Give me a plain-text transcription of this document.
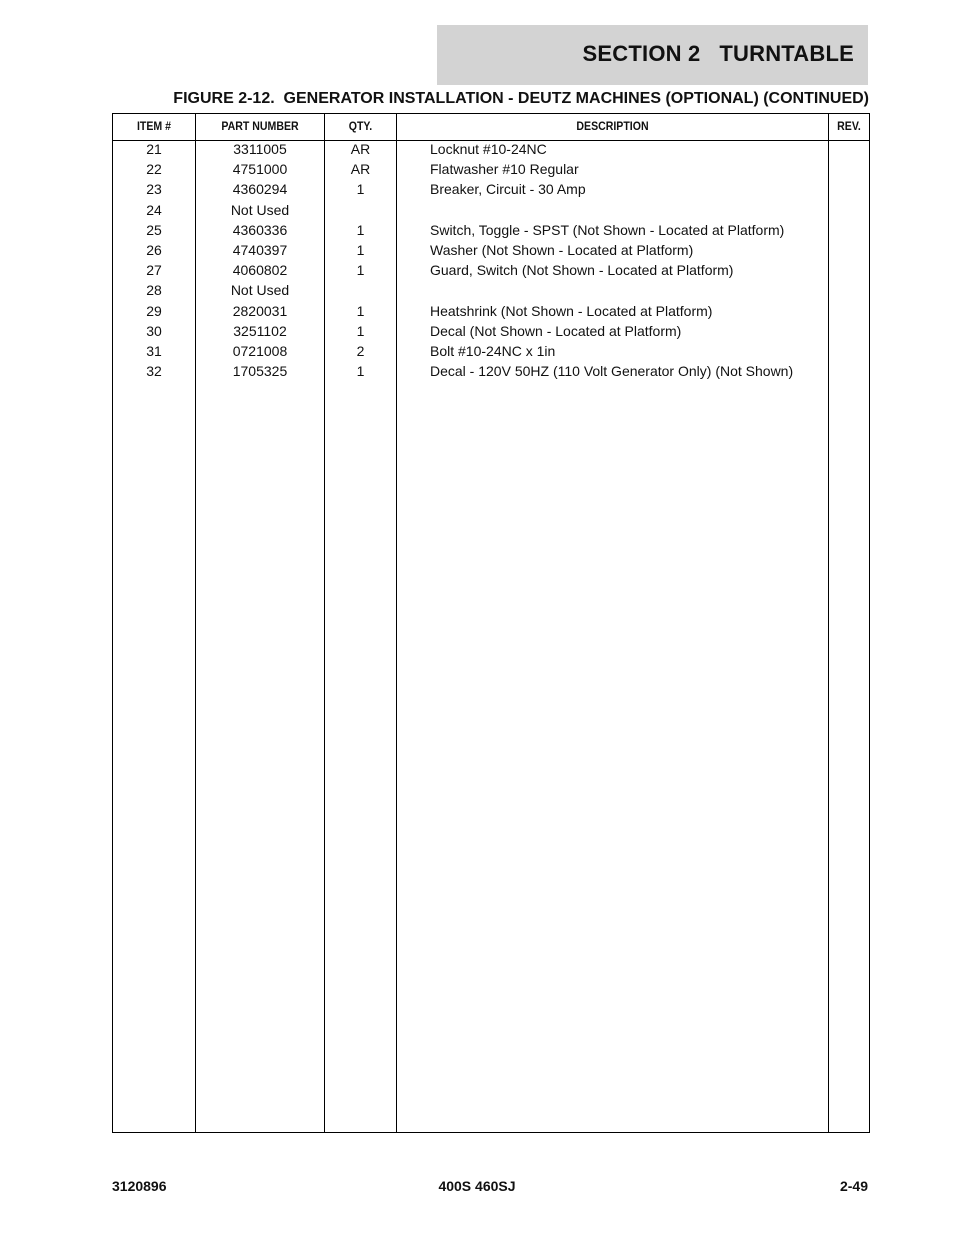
SECTION 2   TURNTABLE
FIGURE 2-12.  GENERATOR INSTALLATION - DEUTZ MACHINES (OPTIONAL) (CONTINUED)
ITEM #	PART NUMBER	QTY.	DESCRIPTION	REV.
21	3311005	AR	Locknut #10-24NC
22	4751000	AR	Flatwasher #10 Regular
23	4360294	1	Breaker, Circuit - 30 Amp
24	Not Used
25	4360336	1	Switch, Toggle - SPST (Not Shown - Located at Platform)
26	4740397	1	Washer (Not Shown - Located at Platform)
27	4060802	1	Guard, Switch (Not Shown - Located at Platform)
28	Not Used
29	2820031	1	Heatshrink (Not Shown - Located at Platform)
30	3251102	1	Decal (Not Shown - Located at Platform)
31	0721008	2	Bolt #10-24NC x 1in
32	1705325	1	Decal - 120V 50HZ (110 Volt Generator Only) (Not Shown)
3120896	400S 460SJ	2-49
